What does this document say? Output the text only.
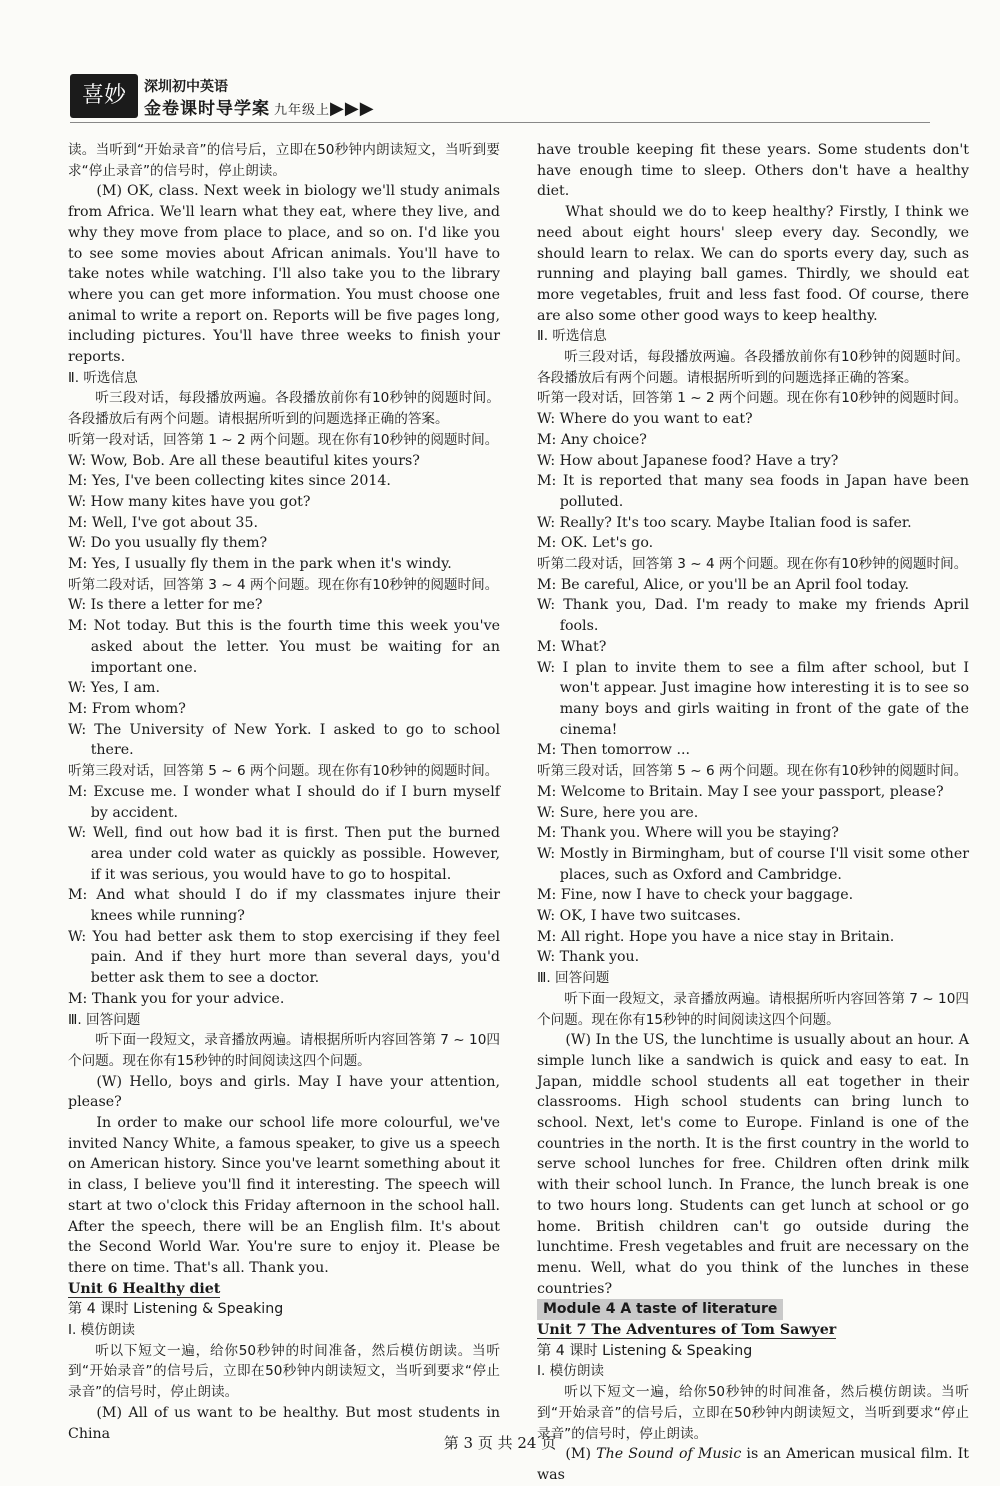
喜妙	深圳初中英语
金卷课时导学案 九年级上▶▶▶

读。当听到“开始录音”的信号后，立即在50秒钟内朗读短文，当听到要求“停止录音”的信号时，停止朗读。

(M) OK, class. Next week in biology we'll study animals from Africa. We'll learn what they eat, where they live, and why they move from place to place, and so on. I'd like you to see some movies about African animals. You'll have to take notes while watching. I'll also take you to the library where you can get more information. You must choose one animal to write a report on. Reports will be five pages long, including pictures. You'll have three weeks to finish your reports.

Ⅱ. 听选信息

听三段对话，每段播放两遍。各段播放前你有10秒钟的阅题时间。各段播放后有两个问题。请根据所听到的问题选择正确的答案。

听第一段对话，回答第 1 ~ 2 两个问题。现在你有10秒钟的阅题时间。

W: Wow, Bob. Are all these beautiful kites yours?

M: Yes, I've been collecting kites since 2014.

W: How many kites have you got?

M: Well, I've got about 35.

W: Do you usually fly them?

M: Yes, I usually fly them in the park when it's windy.

听第二段对话，回答第 3 ~ 4 两个问题。现在你有10秒钟的阅题时间。

W: Is there a letter for me?

M: Not today. But this is the fourth time this week you've asked about the letter. You must be waiting for an important one.

W: Yes, I am.

M: From whom?

W: The University of New York. I asked to go to school there.

听第三段对话，回答第 5 ~ 6 两个问题。现在你有10秒钟的阅题时间。

M: Excuse me. I wonder what I should do if I burn myself by accident.

W: Well, find out how bad it is first. Then put the burned area under cold water as quickly as possible. However, if it was serious, you would have to go to hospital.

M: And what should I do if my classmates injure their knees while running?

W: You had better ask them to stop exercising if they feel pain. And if they hurt more than several days, you'd better ask them to see a doctor.

M: Thank you for your advice.

Ⅲ. 回答问题

听下面一段短文，录音播放两遍。请根据所听内容回答第 7 ~ 10四个问题。现在你有15秒钟的时间阅读这四个问题。

(W) Hello, boys and girls. May I have your attention, please?

In order to make our school life more colourful, we've invited Nancy White, a famous speaker, to give us a speech on American history. Since you've learnt something about it in class, I believe you'll find it interesting. The speech will start at two o'clock this Friday afternoon in the school hall. After the speech, there will be an English film. It's about the Second World War. You're sure to enjoy it. Please be there on time. That's all. Thank you.

Unit 6 Healthy diet

第 4 课时 Listening & Speaking

Ⅰ. 模仿朗读

听以下短文一遍，给你50秒钟的时间准备，然后模仿朗读。当听到“开始录音”的信号后，立即在50秒钟内朗读短文，当听到要求“停止录音”的信号时，停止朗读。

(M) All of us want to be healthy. But most students in China

have trouble keeping fit these years. Some students don't have enough time to sleep. Others don't have a healthy diet.

What should we do to keep healthy? Firstly, I think we need about eight hours' sleep every day. Secondly, we should learn to relax. We can do sports every day, such as running and playing ball games. Thirdly, we should eat more vegetables, fruit and less fast food. Of course, there are also some other good ways to keep healthy.

Ⅱ. 听选信息

听三段对话，每段播放两遍。各段播放前你有10秒钟的阅题时间。各段播放后有两个问题。请根据所听到的问题选择正确的答案。

听第一段对话，回答第 1 ~ 2 两个问题。现在你有10秒钟的阅题时间。

W: Where do you want to eat?

M: Any choice?

W: How about Japanese food? Have a try?

M: It is reported that many sea foods in Japan have been polluted.

W: Really? It's too scary. Maybe Italian food is safer.

M: OK. Let's go.

听第二段对话，回答第 3 ~ 4 两个问题。现在你有10秒钟的阅题时间。

M: Be careful, Alice, or you'll be an April fool today.

W: Thank you, Dad. I'm ready to make my friends April fools.

M: What?

W: I plan to invite them to see a film after school, but I won't appear. Just imagine how interesting it is to see so many boys and girls waiting in front of the gate of the cinema!

M: Then tomorrow ...

听第三段对话，回答第 5 ~ 6 两个问题。现在你有10秒钟的阅题时间。

M: Welcome to Britain. May I see your passport, please?

W: Sure, here you are.

M: Thank you. Where will you be staying?

W: Mostly in Birmingham, but of course I'll visit some other places, such as Oxford and Cambridge.

M: Fine, now I have to check your baggage.

W: OK, I have two suitcases.

M: All right. Hope you have a nice stay in Britain.

W: Thank you.

Ⅲ. 回答问题

听下面一段短文，录音播放两遍。请根据所听内容回答第 7 ~ 10四个问题。现在你有15秒钟的时间阅读这四个问题。

(W) In the US, the lunchtime is usually about an hour. A simple lunch like a sandwich is quick and easy to eat. In Japan, middle school students all eat together in their classrooms. High school students can bring lunch to school. Next, let's come to Europe. Finland is one of the countries in the north. It is the first country in the world to serve school lunches for free. Children often drink milk with their school lunch. In France, the lunch break is one to two hours long. Students can get lunch at school or go home. British children can't go outside during the lunchtime. Fresh vegetables and fruit are necessary on the menu. Well, what do you think of the lunches in these countries?

Module 4 A taste of literature

Unit 7 The Adventures of Tom Sawyer

第 4 课时 Listening & Speaking

Ⅰ. 模仿朗读

听以下短文一遍，给你50秒钟的时间准备，然后模仿朗读。当听到“开始录音”的信号后，立即在50秒钟内朗读短文，当听到要求“停止录音”的信号时，停止朗读。

(M) The Sound of Music is an American musical film. It was

第 3 页 共 24 页
